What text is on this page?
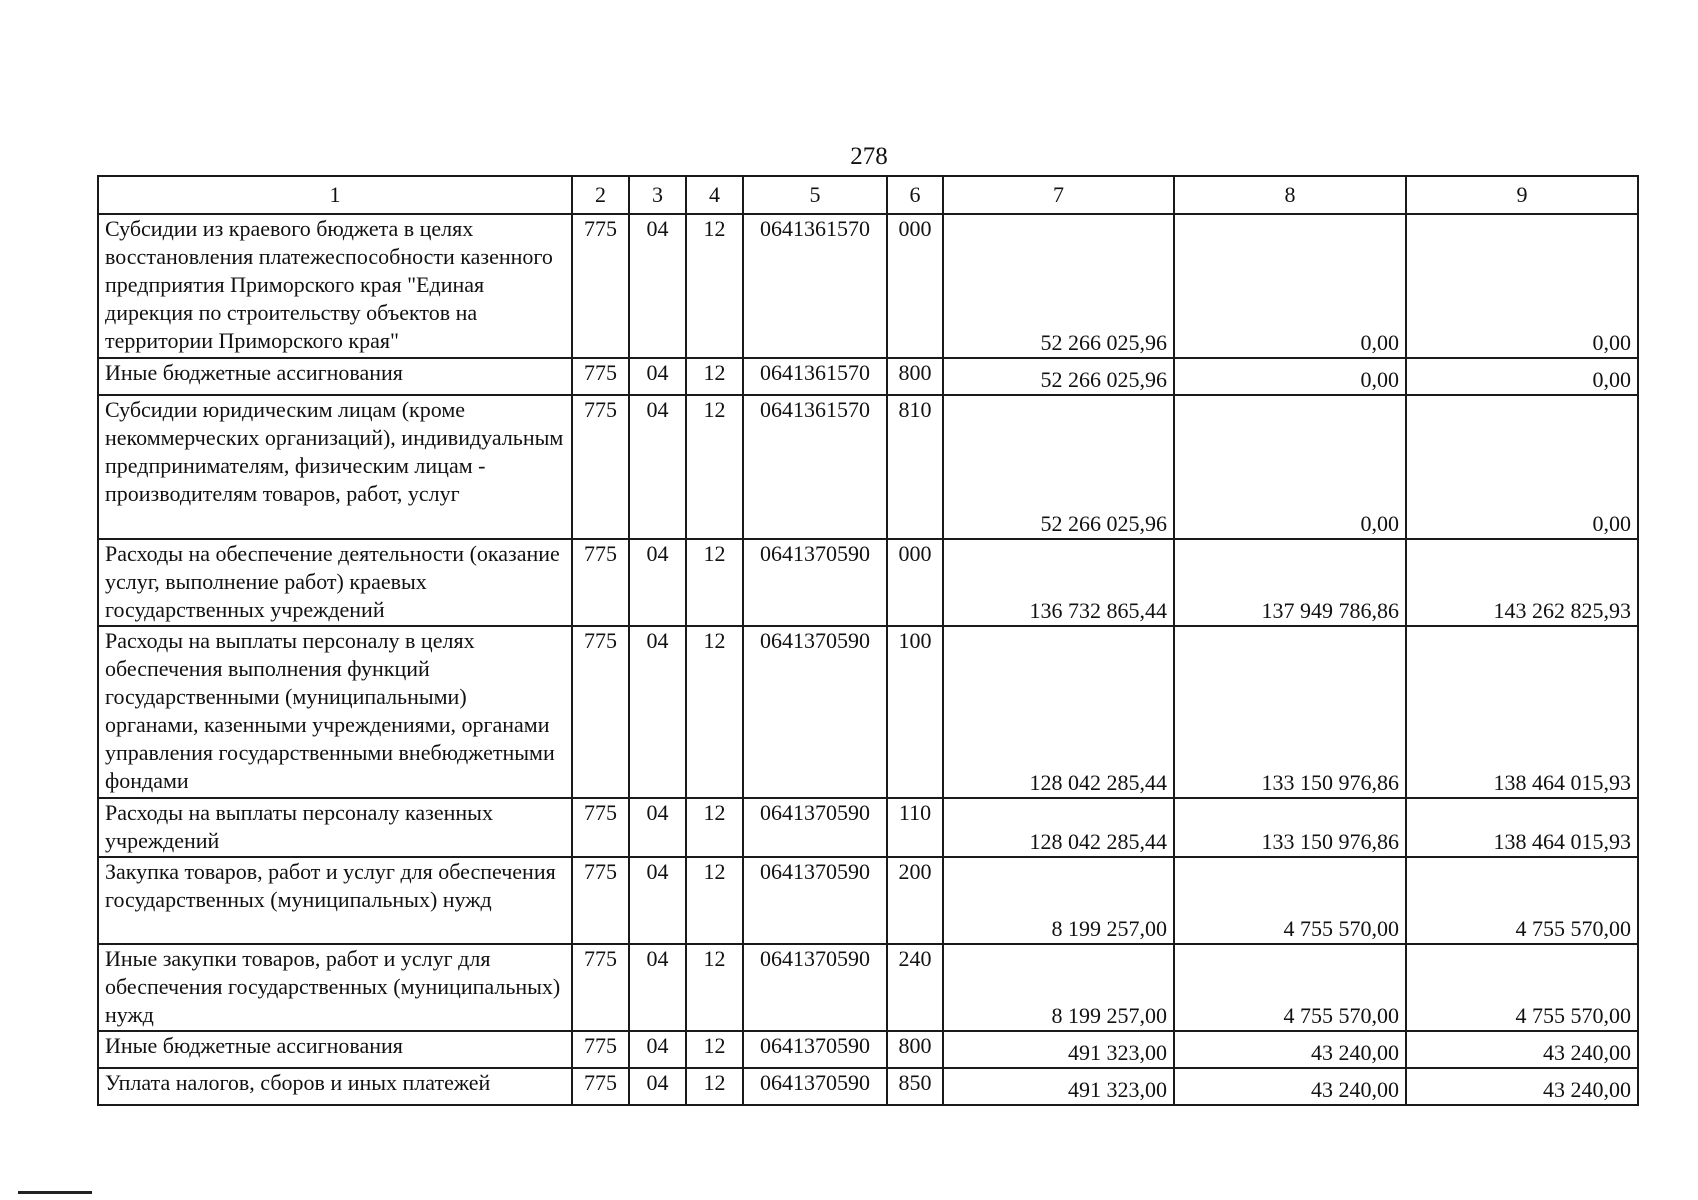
278
1	2	3	4	5	6	7	8	9
Субсидии из краевого бюджета в целях восстановления платежеспособности казенного предприятия Приморского края "Единая дирекция по строительству объектов на территории Приморского края"	775	04	12	0641361570	000	52 266 025,96	0,00	0,00
Иные бюджетные ассигнования	775	04	12	0641361570	800	52 266 025,96	0,00	0,00
Субсидии юридическим лицам (кроме некоммерческих организаций), индивидуальным предпринимателям, физическим лицам - производителям товаров, работ, услуг	775	04	12	0641361570	810	52 266 025,96	0,00	0,00
Расходы на обеспечение деятельности (оказание услуг, выполнение работ) краевых государственных учреждений	775	04	12	0641370590	000	136 732 865,44	137 949 786,86	143 262 825,93
Расходы на выплаты персоналу в целях обеспечения выполнения функций государственными (муниципальными) органами, казенными учреждениями, органами управления государственными внебюджетными фондами	775	04	12	0641370590	100	128 042 285,44	133 150 976,86	138 464 015,93
Расходы на выплаты персоналу казенных учреждений	775	04	12	0641370590	110	128 042 285,44	133 150 976,86	138 464 015,93
Закупка товаров, работ и услуг для обеспечения государственных (муниципальных) нужд	775	04	12	0641370590	200	8 199 257,00	4 755 570,00	4 755 570,00
Иные закупки товаров, работ и услуг для обеспечения государственных (муниципальных) нужд	775	04	12	0641370590	240	8 199 257,00	4 755 570,00	4 755 570,00
Иные бюджетные ассигнования	775	04	12	0641370590	800	491 323,00	43 240,00	43 240,00
Уплата налогов, сборов и иных платежей	775	04	12	0641370590	850	491 323,00	43 240,00	43 240,00
